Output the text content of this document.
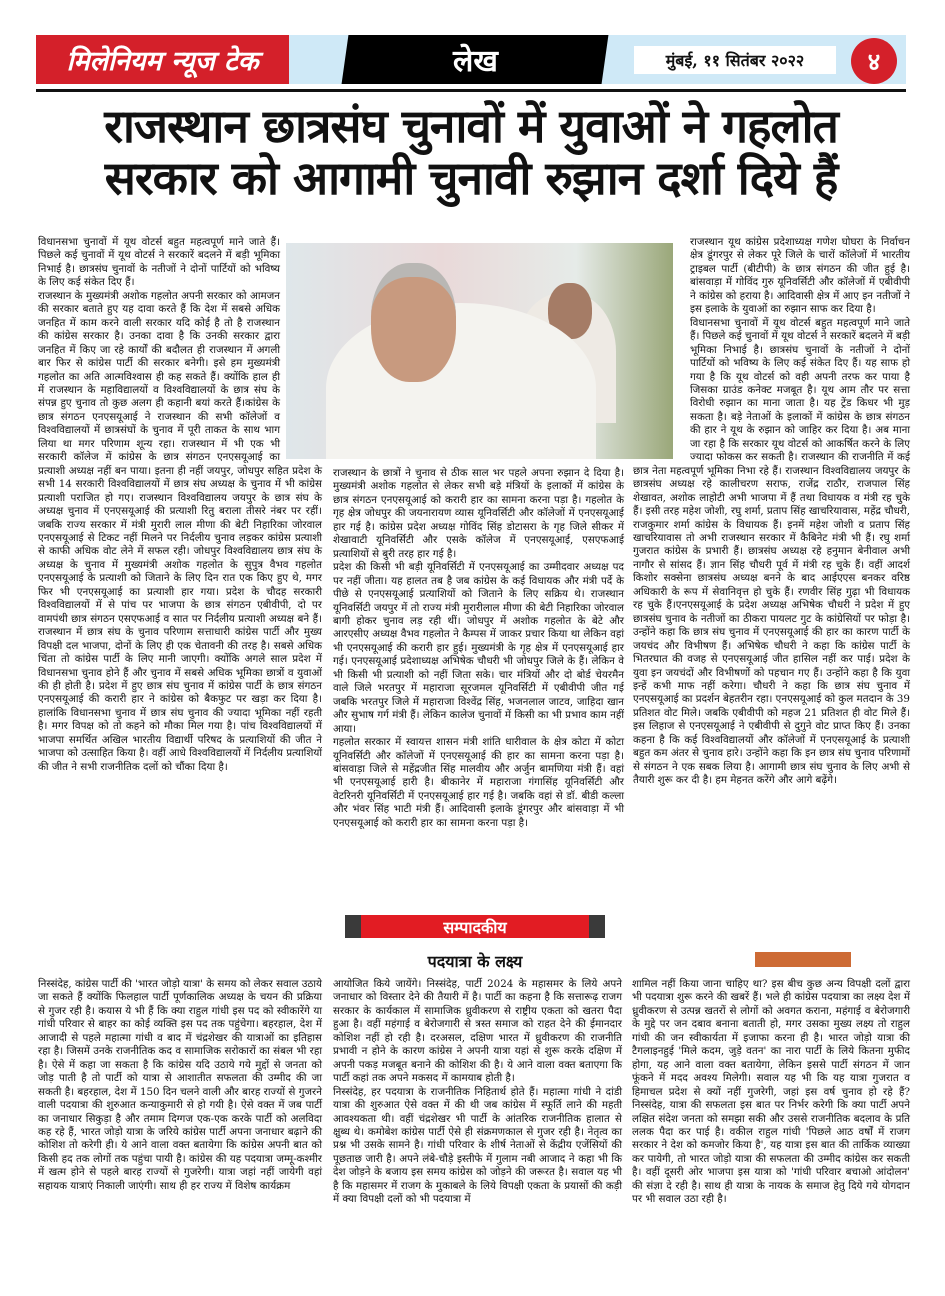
मिलेनियम न्यूज टेक	लेख	मुंबई, ११ सितंबर २०२२	४
राजस्थान छात्रसंघ चुनावों में युवाओं ने गहलोत
सरकार को आगामी चुनावी रुझान दर्शा दिये हैं

विधानसभा चुनावों में यूथ वोटर्स बहुत महत्वपूर्ण माने जाते हैं। पिछले कई चुनावों में यूथ वोटर्स ने सरकारें बदलने में बड़ी भूमिका निभाई है। छात्रसंघ चुनावों के नतीजों ने दोनों पार्टियों को भविष्य के लिए कई संकेत दिए हैं।

राजस्थान के मुख्यमंत्री अशोक गहलोत अपनी सरकार को आमजन की सरकार बताते हुए यह दावा करते हैं कि देश में सबसे अधिक जनहित में काम करने वाली सरकार यदि कोई है तो है राजस्थान की कांग्रेस सरकार है। उनका दावा है कि उनकी सरकार द्वारा जनहित में किए जा रहे कार्यों की बदौलत ही राजस्थान में अगली बार फिर से कांग्रेस पार्टी की सरकार बनेगी। इसे हम मुख्यमंत्री गहलोत का अति आत्मविश्वास ही कह सकते हैं। क्योंकि हाल ही में राजस्थान के महाविद्यालयों व विश्वविद्यालयों के छात्र संघ के संपन्न हुए चुनाव तो कुछ अलग ही कहानी बयां करते हैं।कांग्रेस के छात्र संगठन एनएसयूआई ने राजस्थान की सभी कॉलेजों व विश्वविद्यालयों में छात्रसंघों के चुनाव में पूरी ताकत के साथ भाग लिया था मगर परिणाम शून्य रहा। राजस्थान में भी एक भी सरकारी कॉलेज में कांग्रेस के छात्र संगठन एनएसयूआई का प्रत्याशी अध्यक्ष नहीं बन पाया। इतना ही नहीं जयपुर, जोधपुर सहित प्रदेश के सभी 14 सरकारी विश्वविद्यालयों में छात्र संघ अध्यक्ष के चुनाव में भी कांग्रेस प्रत्याशी पराजित हो गए। राजस्थान विश्वविद्यालय जयपुर के छात्र संघ के अध्यक्ष चुनाव में एनएसयूआई की प्रत्याशी रितु बराला तीसरे नंबर पर रहीं। जबकि राज्य सरकार में मंत्री मुरारी लाल मीणा की बेटी निहारिका जोरवाल एनएसयूआई से टिकट नहीं मिलने पर निर्दलीय चुनाव लड़कर कांग्रेस प्रत्याशी से काफी अधिक वोट लेने में सफल रही। जोधपुर विश्वविद्यालय छात्र संघ के अध्यक्ष के चुनाव में मुख्यमंत्री अशोक गहलोत के सुपुत्र वैभव गहलोत एनएसयूआई के प्रत्याशी को जिताने के लिए दिन रात एक किए हुए थे, मगर फिर भी एनएसयूआई का प्रत्याशी हार गया। प्रदेश के चौदह सरकारी विश्वविद्यालयों में से पांच पर भाजपा के छात्र संगठन एबीवीपी, दो पर वामपंथी छात्र संगठन एसएफआई व सात पर निर्दलीय प्रत्याशी अध्यक्ष बने हैं।राजस्थान में छात्र संघ के चुनाव परिणाम सत्ताधारी कांग्रेस पार्टी और मुख्य विपक्षी दल भाजपा, दोनों के लिए ही एक चेतावनी की तरह है। सबसे अधिक चिंता तो कांग्रेस पार्टी के लिए मानी जाएगी। क्योंकि अगले साल प्रदेश में विधानसभा चुनाव होने हैं और चुनाव में सबसे अधिक भूमिका छात्रों व युवाओं की ही होती है। प्रदेश में हुए छात्र संघ चुनाव में कांग्रेस पार्टी के छात्र संगठन एनएसयूआई की करारी हार ने कांग्रेस को बैकफुट पर खड़ा कर दिया है। हालांकि विधानसभा चुनाव में छात्र संघ चुनाव की ज्यादा भूमिका नहीं रहती है। मगर विपक्ष को तो कहने को मौका मिल गया है। पांच विश्वविद्यालयों में भाजपा समर्थित अखिल भारतीय विद्यार्थी परिषद के प्रत्याशियों की जीत ने भाजपा को उत्साहित किया है। वहीं आधे विश्वविद्यालयों में निर्दलीय प्रत्याशियों की जीत ने सभी राजनीतिक दलों को चौंका दिया है।

राजस्थान के छात्रों ने चुनाव से ठीक साल भर पहले अपना रुझान दे दिया है। मुख्यमंत्री अशोक गहलोत से लेकर सभी बड़े मंत्रियों के इलाकों में कांग्रेस के छात्र संगठन एनएसयूआई को करारी हार का सामना करना पड़ा है। गहलोत के गृह क्षेत्र जोधपुर की जयनारायण व्यास यूनिवर्सिटी और कॉलेजों में एनएसयूआई हार गई है। कांग्रेस प्रदेश अध्यक्ष गोविंद सिंह डोटासरा के गृह जिले सीकर में शेखावाटी यूनिवर्सिटी और एसके कॉलेज में एनएसयूआई, एसएफआई प्रत्याशियों से बुरी तरह हार गई है।

प्रदेश की किसी भी बड़ी यूनिवर्सिटी में एनएसयूआई का उम्मीदवार अध्यक्ष पद पर नहीं जीता। यह हालत तब है जब कांग्रेस के कई विधायक और मंत्री पर्दे के पीछे से एनएसयूआई प्रत्याशियों को जिताने के लिए सक्रिय थे। राजस्थान यूनिवर्सिटी जयपुर में तो राज्य मंत्री मुरारीलाल मीणा की बेटी निहारिका जोरवाल बागी होकर चुनाव लड़ रही थीं। जोधपुर में अशोक गहलोत के बेटे और आरएसीए अध्यक्ष वैभव गहलोत ने कैम्पस में जाकर प्रचार किया था लेकिन वहां भी एनएसयूआई की करारी हार हुई। मुख्यमंत्री के गृह क्षेत्र में एनएसयूआई हार गई। एनएसयूआई प्रदेशाध्यक्ष अभिषेक चौधरी भी जोधपुर जिले के हैं। लेकिन वे भी किसी भी प्रत्याशी को नहीं जिता सके। चार मंत्रियों और दो बोर्ड चेयरमैन वाले जिले भरतपुर में महाराजा सूरजमल यूनिवर्सिटी में एबीवीपी जीत गई जबकि भरतपुर जिले में महाराजा विश्वेंद्र सिंह, भजनलाल जाटव, जाहिदा खान और सुभाष गर्ग मंत्री हैं। लेकिन कालेज चुनावों में किसी का भी प्रभाव काम नहीं आया।

गहलोत सरकार में स्वायत्त शासन मंत्री शांति धारीवाल के क्षेत्र कोटा में कोटा यूनिवर्सिटी और कॉलेजों में एनएसयूआई की हार का सामना करना पड़ा है। बांसवाड़ा जिले से महेंद्रजीत सिंह मालवीय और अर्जुन बामणिया मंत्री हैं। वहां भी एनएसयूआई हारी है। बीकानेर में महाराजा गंगासिंह यूनिवर्सिटी और वेटरिनरी यूनिवर्सिटी में एनएसयूआई हार गई है। जबकि वहां से डॉ. बीडी कल्ला और भंवर सिंह भाटी मंत्री हैं। आदिवासी इलाके डूंगरपुर और बांसवाड़ा में भी एनएसयूआई को करारी हार का सामना करना पड़ा है।

राजस्थान यूथ कांग्रेस प्रदेशाध्यक्ष गणेश घोघरा के निर्वाचन क्षेत्र डूंगरपुर से लेकर पूरे जिले के चारों कॉलेजों में भारतीय ट्राइबल पार्टी (बीटीपी) के छात्र संगठन की जीत हुई है। बांसवाड़ा में गोविंद गुरु यूनिवर्सिटी और कॉलेजों में एबीवीपी ने कांग्रेस को हराया है। आदिवासी क्षेत्र में आए इन नतीजों ने इस इलाके के युवाओं का रुझान साफ कर दिया है।

विधानसभा चुनावों में यूथ वोटर्स बहुत महत्वपूर्ण माने जाते हैं। पिछले कई चुनावों में यूथ वोटर्स ने सरकारें बदलने में बड़ी भूमिका निभाई है। छात्रसंघ चुनावों के नतीजों ने दोनों पार्टियों को भविष्य के लिए कई संकेत दिए हैं। यह साफ हो गया है कि यूथ वोटर्स को वही अपनी तरफ कर पाया है जिसका ग्राउंड कनेक्ट मजबूत है। यूथ आम तौर पर सत्ता विरोधी रुझान का माना जाता है। यह ट्रेंड किधर भी मुड़ सकता है। बड़े नेताओं के इलाकों में कांग्रेस के छात्र संगठन की हार ने यूथ के रुझान को जाहिर कर दिया है। अब माना जा रहा है कि सरकार यूथ वोटर्स को आकर्षित करने के लिए ज्यादा फोकस कर सकती है। राजस्थान की राजनीति में कई छात्र नेता महत्वपूर्ण भूमिका निभा रहे हैं। राजस्थान विश्वविद्यालय जयपुर के छात्रसंघ अध्यक्ष रहे कालीचरण सराफ, राजेंद्र राठौर, राजपाल सिंह शेखावत, अशोक लाहोटी अभी भाजपा में हैं तथा विधायक व मंत्री रह चुके हैं। इसी तरह महेश जोशी, रघु शर्मा, प्रताप सिंह खाचरियावास, महेंद्र चौधरी, राजकुमार शर्मा कांग्रेस के विधायक हैं। इनमें महेश जोशी व प्रताप सिंह खाचरियावास तो अभी राजस्थान सरकार में कैबिनेट मंत्री भी हैं। रघु शर्मा गुजरात कांग्रेस के प्रभारी हैं। छात्रसंघ अध्यक्ष रहे हनुमान बेनीवाल अभी नागौर से सांसद हैं। ज्ञान सिंह चौधरी पूर्व में मंत्री रह चुके हैं। वहीं आदर्श किशोर सक्सेना छात्रसंघ अध्यक्ष बनने के बाद आईएएस बनकर वरिष्ठ अधिकारी के रूप में सेवानिवृत्त हो चुके हैं। रणवीर सिंह गुढ़ा भी विधायक रह चुके हैं।एनएसयूआई के प्रदेश अध्यक्ष अभिषेक चौधरी ने प्रदेश में हुए छात्रसंघ चुनाव के नतीजों का ठीकरा पायलट गुट के कांग्रेसियों पर फोड़ा है। उन्होंने कहा कि छात्र संघ चुनाव में एनएसयूआई की हार का कारण पार्टी के जयचंद और विभीषण हैं। अभिषेक चौधरी ने कहा कि कांग्रेस पार्टी के भितरघात की वजह से एनएसयूआई जीत हासिल नहीं कर पाई। प्रदेश के युवा इन जयचंदों और विभीषणों को पहचान गए हैं। उन्होंने कहा है कि युवा इन्हें कभी माफ नहीं करेगा। चौधरी ने कहा कि छात्र संघ चुनाव में एनएसयूआई का प्रदर्शन बेहतरीन रहा। एनएसयूआई को कुल मतदान के 39 प्रतिशत वोट मिले। जबकि एबीवीपी को महज 21 प्रतिशत ही वोट मिले हैं। इस लिहाज से एनएसयूआई ने एबीवीपी से दुगुने वोट प्राप्त किए हैं। उनका कहना है कि कई विश्वविद्यालयों और कॉलेजों में एनएसयूआई के प्रत्याशी बहुत कम अंतर से चुनाव हारे। उन्होंने कहा कि इन छात्र संघ चुनाव परिणामों से संगठन ने एक सबक लिया है। आगामी छात्र संघ चुनाव के लिए अभी से तैयारी शुरू कर दी है। हम मेहनत करेंगे और आगे बढ़ेंगे।

सम्पादकीय
पदयात्रा के लक्ष्य

निस्संदेह, कांग्रेस पार्टी की 'भारत जोड़ो यात्रा' के समय को लेकर सवाल उठाये जा सकते हैं क्योंकि फिलहाल पार्टी पूर्णकालिक अध्यक्ष के चयन की प्रक्रिया से गुजर रही है। कयास ये भी हैं कि क्या राहुल गांधी इस पद को स्वीकारेंगे या गांधी परिवार से बाहर का कोई व्यक्ति इस पद तक पहुंचेगा। बहरहाल, देश में आजादी से पहले महात्मा गांधी व बाद में चंद्रशेखर की यात्राओं का इतिहास रहा है। जिसमें उनके राजनीतिक कद व सामाजिक सरोकारों का संबल भी रहा है। ऐसे में कहा जा सकता है कि कांग्रेस यदि उठाये गये मुद्दों से जनता को जोड़ पाती है तो पार्टी को यात्रा से आशातीत सफलता की उम्मीद की जा सकती है। बहरहाल, देश में 150 दिन चलने वाली और बारह राज्यों से गुजरने वाली पदयात्रा की शुरुआत कन्याकुमारी से हो गयी है। ऐसे वक्त में जब पार्टी का जनाधार सिकुड़ा है और तमाम दिग्गज एक-एक करके पार्टी को अलविदा कह रहे हैं, भारत जोड़ो यात्रा के जरिये कांग्रेस पार्टी अपना जनाधार बढ़ाने की कोशिश तो करेगी ही। ये आने वाला वक्त बतायेगा कि कांग्रेस अपनी बात को किसी हद तक लोगों तक पहुंचा पायी है। कांग्रेस की यह पदयात्रा जम्मू-कश्मीर में खत्म होने से पहले बारह राज्यों से गुजरेगी। यात्रा जहां नहीं जायेगी वहां सहायक यात्राएं निकाली जाएंगी। साथ ही हर राज्य में विशेष कार्यक्रम

आयोजित किये जायेंगे। निस्संदेह, पार्टी 2024 के महासमर के लिये अपने जनाधार को विस्तार देने की तैयारी में है। पार्टी का कहना है कि सत्तारूढ़ राजग सरकार के कार्यकाल में सामाजिक ध्रुवीकरण से राष्ट्रीय एकता को खतरा पैदा हुआ है। वहीं महंगाई व बेरोजगारी से त्रस्त समाज को राहत देने की ईमानदार कोशिश नहीं हो रही है। दरअसल, दक्षिण भारत में ध्रुवीकरण की राजनीति प्रभावी न होने के कारण कांग्रेस ने अपनी यात्रा यहां से शुरू करके दक्षिण में अपनी पकड़ मजबूत बनाने की कोशिश की है। ये आने वाला वक्त बताएगा कि पार्टी कहां तक अपने मकसद में कामयाब होती है।

निस्संदेह, हर पदयात्रा के राजनीतिक निहितार्थ होते हैं। महात्मा गांधी ने दांडी यात्रा की शुरुआत ऐसे वक्त में की थी जब कांग्रेस में स्फूर्ति लाने की महती आवश्यकता थी। वहीं चंद्रशेखर भी पार्टी के आंतरिक राजनीतिक हालात से क्षुब्ध थे। कमोबेश कांग्रेस पार्टी ऐसे ही संक्रमणकाल से गुजर रही है। नेतृत्व का प्रश्न भी उसके सामने है। गांधी परिवार के शीर्ष नेताओं से केंद्रीय एजेंसियों की पूछताछ जारी है। अपने लंबे-चौड़े इस्तीफे में गुलाम नबी आजाद ने कहा भी कि देश जोड़ने के बजाय इस समय कांग्रेस को जोड़ने की जरूरत है। सवाल यह भी है कि महासमर में राजग के मुकाबले के लिये विपक्षी एकता के प्रयासों की कड़ी में क्या विपक्षी दलों को भी पदयात्रा में

शामिल नहीं किया जाना चाहिए था? इस बीच कुछ अन्य विपक्षी दलों द्वारा भी पदयात्रा शुरू करने की खबरें हैं। भले ही कांग्रेस पदयात्रा का लक्ष्य देश में ध्रुवीकरण से उत्पन्न खतरों से लोगों को अवगत कराना, महंगाई व बेरोजगारी के मुद्दे पर जन दबाव बनाना बताती हो, मगर उसका मुख्य लक्ष्य तो राहुल गांधी की जन स्वीकार्यता में इजाफा करना ही है। भारत जोड़ो यात्रा की टैगलाइनहुई 'मिले कदम, जुड़े वतन' का नारा पार्टी के लिये कितना मुफीद होगा, यह आने वाला वक्त बतायेगा, लेकिन इससे पार्टी संगठन में जान फूंकने में मदद अवश्य मिलेगी। सवाल यह भी कि यह यात्रा गुजरात व हिमाचल प्रदेश से क्यों नहीं गुजरेगी, जहां इस वर्ष चुनाव हो रहे हैं? निस्संदेह, यात्रा की सफलता इस बात पर निर्भर करेगी कि क्या पार्टी अपने लक्षित संदेश जनता को समझा सकी और उससे राजनीतिक बदलाव के प्रति ललक पैदा कर पाई है। वकील राहुल गांधी 'पिछले आठ वर्षों में राजग सरकार ने देश को कमजोर किया है', यह यात्रा इस बात की तार्किक व्याख्या कर पायेगी, तो भारत जोड़ो यात्रा की सफलता की उम्मीद कांग्रेस कर सकती है। वहीं दूसरी ओर भाजपा इस यात्रा को 'गांधी परिवार बचाओ आंदोलन' की संज्ञा दे रही है। साथ ही यात्रा के नायक के समाज हेतु दिये गये योगदान पर भी सवाल उठा रही है।
